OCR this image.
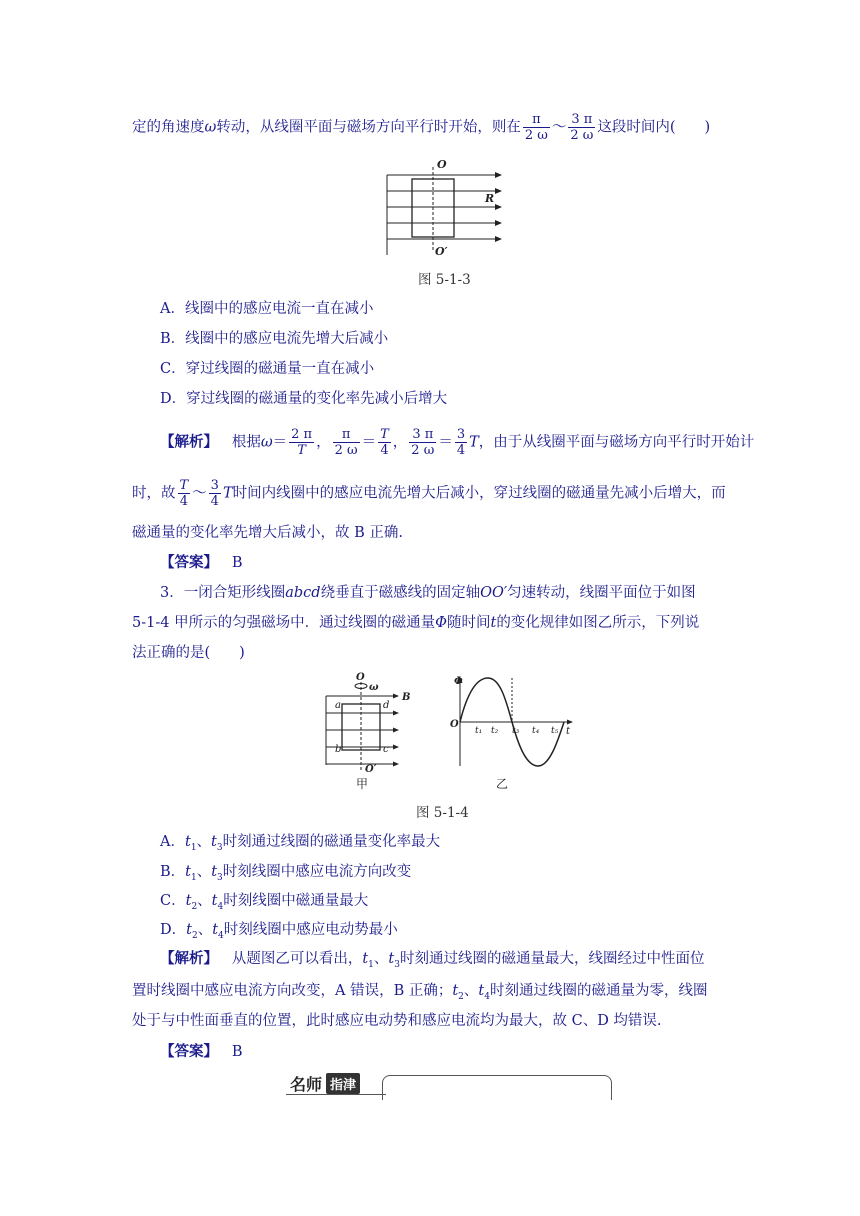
定的角速度ω转动，从线圈平面与磁场方向平行时开始，则在 $\frac{\pi}{2 \omega}$ ～ $\frac{3 \pi}{2 \omega}$ 这段时间内(　　)
O
R
O′
图 5-1-3
A．线圈中的感应电流一直在减小
B．线圈中的感应电流先增大后减小
C．穿过线圈的磁通量一直在减小
D．穿过线圈的磁通量的变化率先减小后增大
【解析】 根据$\omega= \frac{2 \pi}{T}$ ， $\frac{\pi}{2 \omega} = \frac{T}{4}$ ， $\frac{3 \pi}{2 \omega} = \frac{3}{4}$ T，由于从线圈平面与磁场方向平行时开始计
时，故 $\frac{T}{4}$ ～ $\frac{3}{4}$ T时间内线圈中的感应电流先增大后减小，穿过线圈的磁通量先减小后增大，而
磁通量的变化率先增大后减小，故 B 正确.
【答案】 B
3．一闭合矩形线圈abcd绕垂直于磁感线的固定轴OO′匀速转动，线圈平面位于如图
5-1-4 甲所示的匀强磁场中．通过线圈的磁通量Φ随时间t的变化规律如图乙所示，下列说
法正确的是(　　)
O
ω
B
a	d
b	c
O′
甲
Φ
O
t
t₁ t₂ t₃ t₄ t₅
乙
图 5-1-4
A．$t_1$、$t_3$时刻通过线圈的磁通量变化率最大
B．$t_1$、$t_3$时刻线圈中感应电流方向改变
C．$t_2$、$t_4$时刻线圈中磁通量最大
D．$t_2$、$t_4$时刻线圈中感应电动势最小
【解析】 从题图乙可以看出，$t_1$、$t_3$时刻通过线圈的磁通量最大，线圈经过中性面位
置时线圈中感应电流方向改变，A 错误，B 正确；$t_2$、$t_4$时刻通过线圈的磁通量为零，线圈
处于与中性面垂直的位置，此时感应电动势和感应电流均为最大，故 C、D 均错误.
【答案】 B
名师 指津
